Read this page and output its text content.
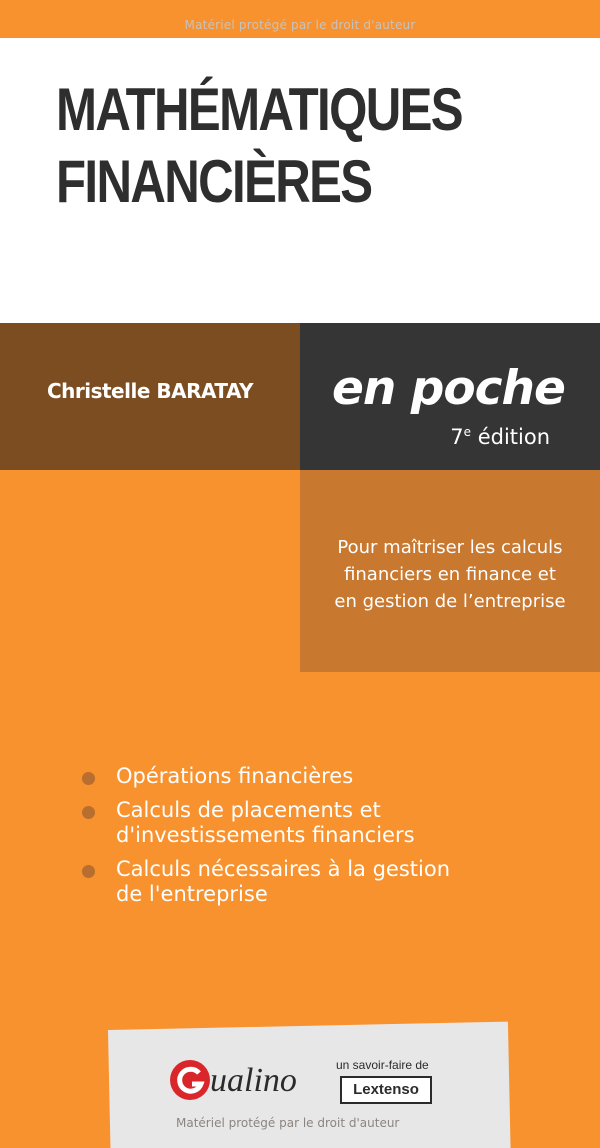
Matériel protégé par le droit d'auteur
MATHÉMATIQUES
FINANCIÈRES
Christelle BARATAY	en poche
7e édition

Pour maîtriser les calculs
financiers en finance et
en gestion de l’entreprise

Opérations financières
Calculs de placements et
d'investissements financiers
Calculs nécessaires à la gestion
de l'entreprise
ualino	un savoir-faire de
Lextenso
Matériel protégé par le droit d'auteur
